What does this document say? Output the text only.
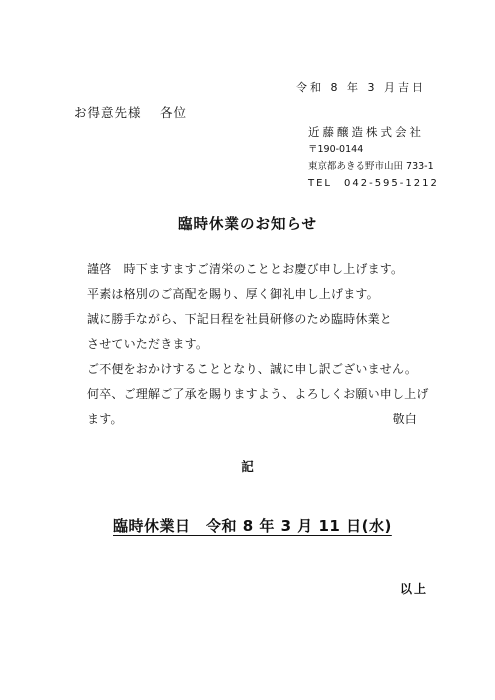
令和 8 年 3 月吉日
お得意先様　 各位
近藤醸造株式会社
〒190-0144
東京都あきる野市山田 733-1
TEL　042-595-1212
臨時休業のお知らせ
謹啓　時下ますますご清栄のこととお慶び申し上げます。
平素は格別のご高配を賜り、厚く御礼申し上げます。
誠に勝手ながら、下記日程を社員研修のため臨時休業と
させていただきます。
ご不便をおかけすることとなり、誠に申し訳ございません。
何卒、ご理解ご了承を賜りますよう、よろしくお願い申し上げ
ます。	敬白
記
臨時休業日　令和 8 年 3 月 11 日(水)
以上
